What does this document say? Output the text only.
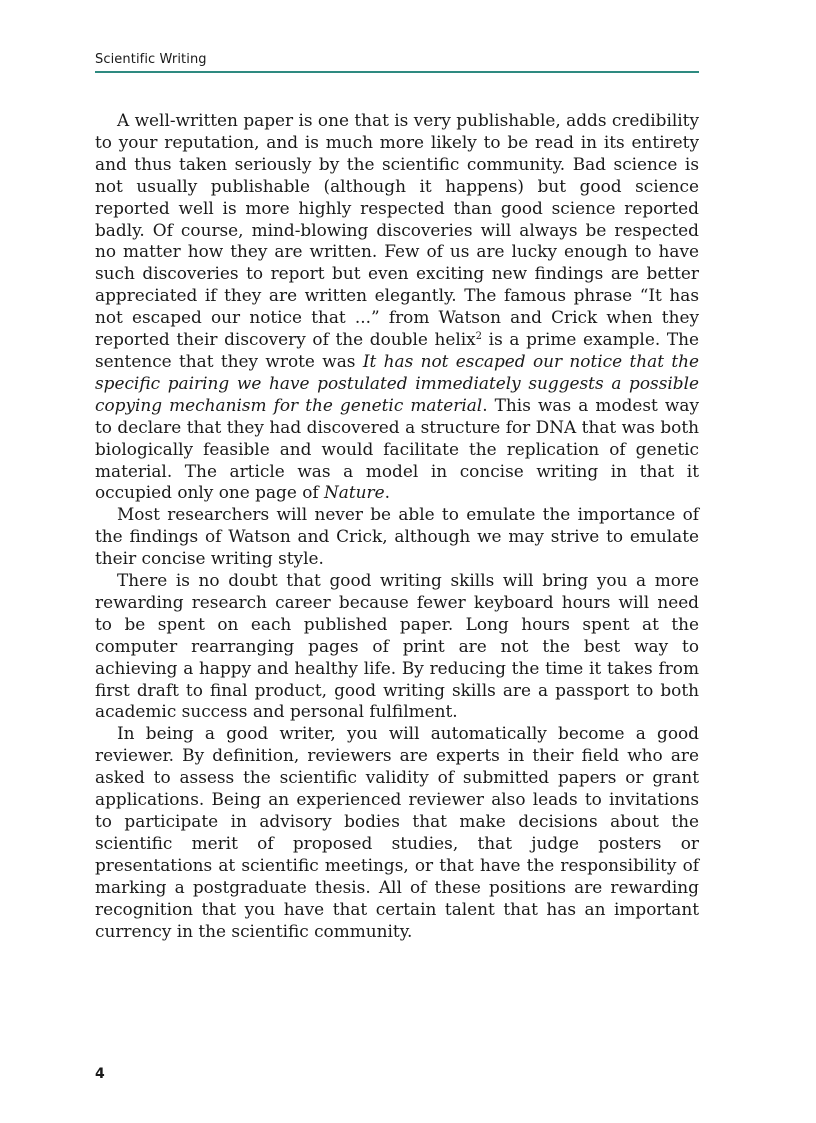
Scientific Writing

A well-written paper is one that is very publishable, adds credibility to your reputation, and is much more likely to be read in its entirety and thus taken seriously by the scientific community. Bad science is not usually publishable (although it happens) but good science reported well is more highly respected than good science reported badly. Of course, mind-blowing discoveries will always be respected no matter how they are written. Few of us are lucky enough to have such discoveries to report but even exciting new findings are better appreciated if they are written elegantly. The famous phrase “It has not escaped our notice that ...” from Watson and Crick when they reported their discovery of the double helix$^2$ is a prime example. The sentence that they wrote was It has not escaped our notice that the specific pairing we have postulated immediately suggests a possible copying mechanism for the genetic material. This was a modest way to declare that they had discovered a structure for DNA that was both biologically feasible and would facilitate the replication of genetic material. The article was a model in concise writing in that it occupied only one page of Nature.

Most researchers will never be able to emulate the importance of the findings of Watson and Crick, although we may strive to emulate their concise writing style.

There is no doubt that good writing skills will bring you a more rewarding research career because fewer keyboard hours will need to be spent on each published paper. Long hours spent at the computer rearranging pages of print are not the best way to achieving a happy and healthy life. By reducing the time it takes from first draft to final product, good writing skills are a passport to both academic success and personal fulfilment.

In being a good writer, you will automatically become a good reviewer. By definition, reviewers are experts in their field who are asked to assess the scientific validity of submitted papers or grant applications. Being an experienced reviewer also leads to invitations to participate in advisory bodies that make decisions about the scientific merit of proposed studies, that judge posters or presentations at scientific meetings, or that have the responsibility of marking a postgraduate thesis. All of these positions are rewarding recognition that you have that certain talent that has an important currency in the scientific community.

4
